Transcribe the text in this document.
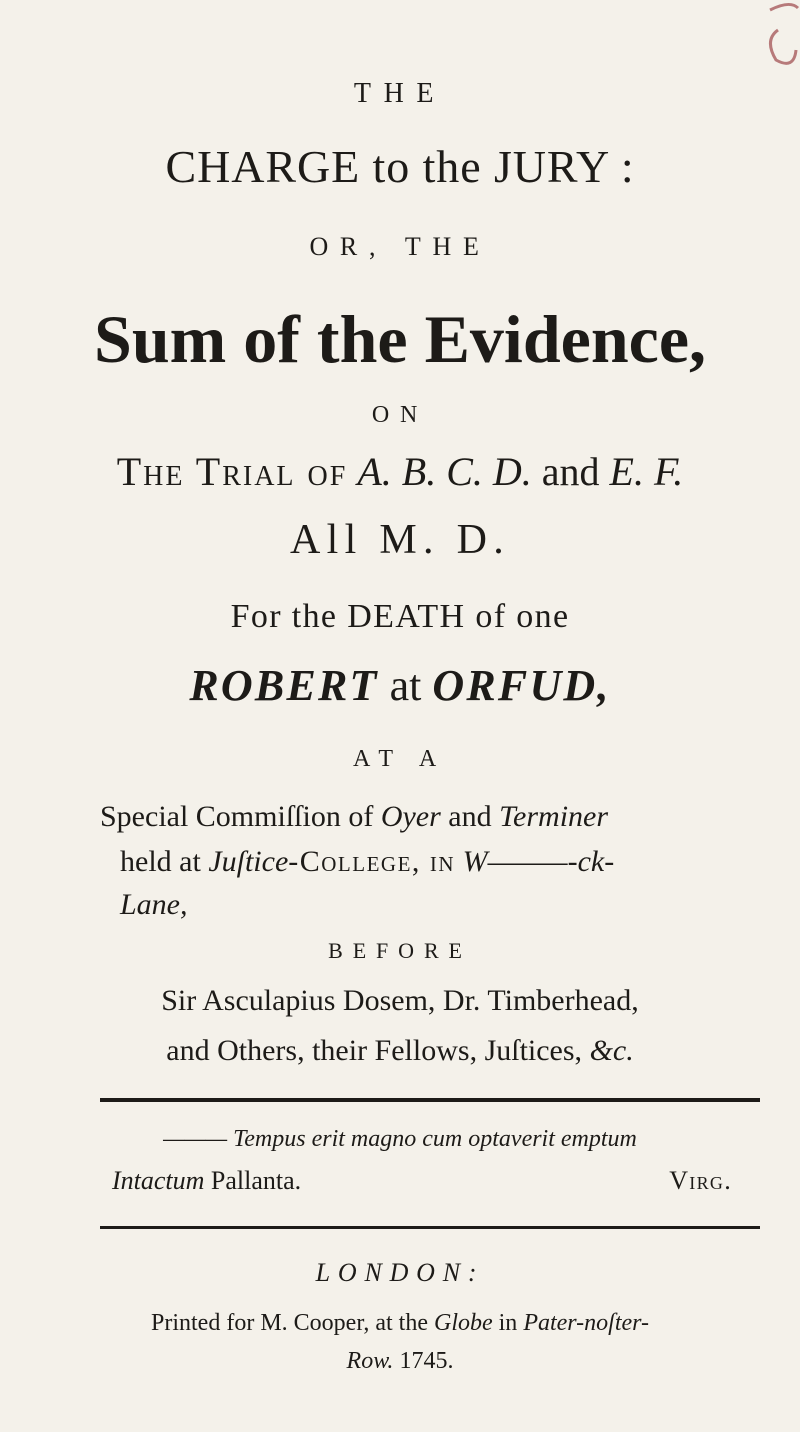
THE
CHARGE to the JURY :
OR, THE
Sum of the Evidence,
ON
The Trial of A. B. C. D. and E. F.
All M. D.
For the DEATH of one
ROBERT at ORFUD,
AT A
Special Commiſſion of Oyer and Terminer
held at Juſtice-College, in W———-ck-
Lane,
BEFORE
Sir Asculapius Dosem, Dr. Timberhead,
and Others, their Fellows, Juſtices, &c.
——— Tempus erit magno cum optaverit emptum
Intactum Pallanta.	Virg.
LONDON:
Printed for M. Cooper, at the Globe in Pater-noſter-
Row. 1745.
